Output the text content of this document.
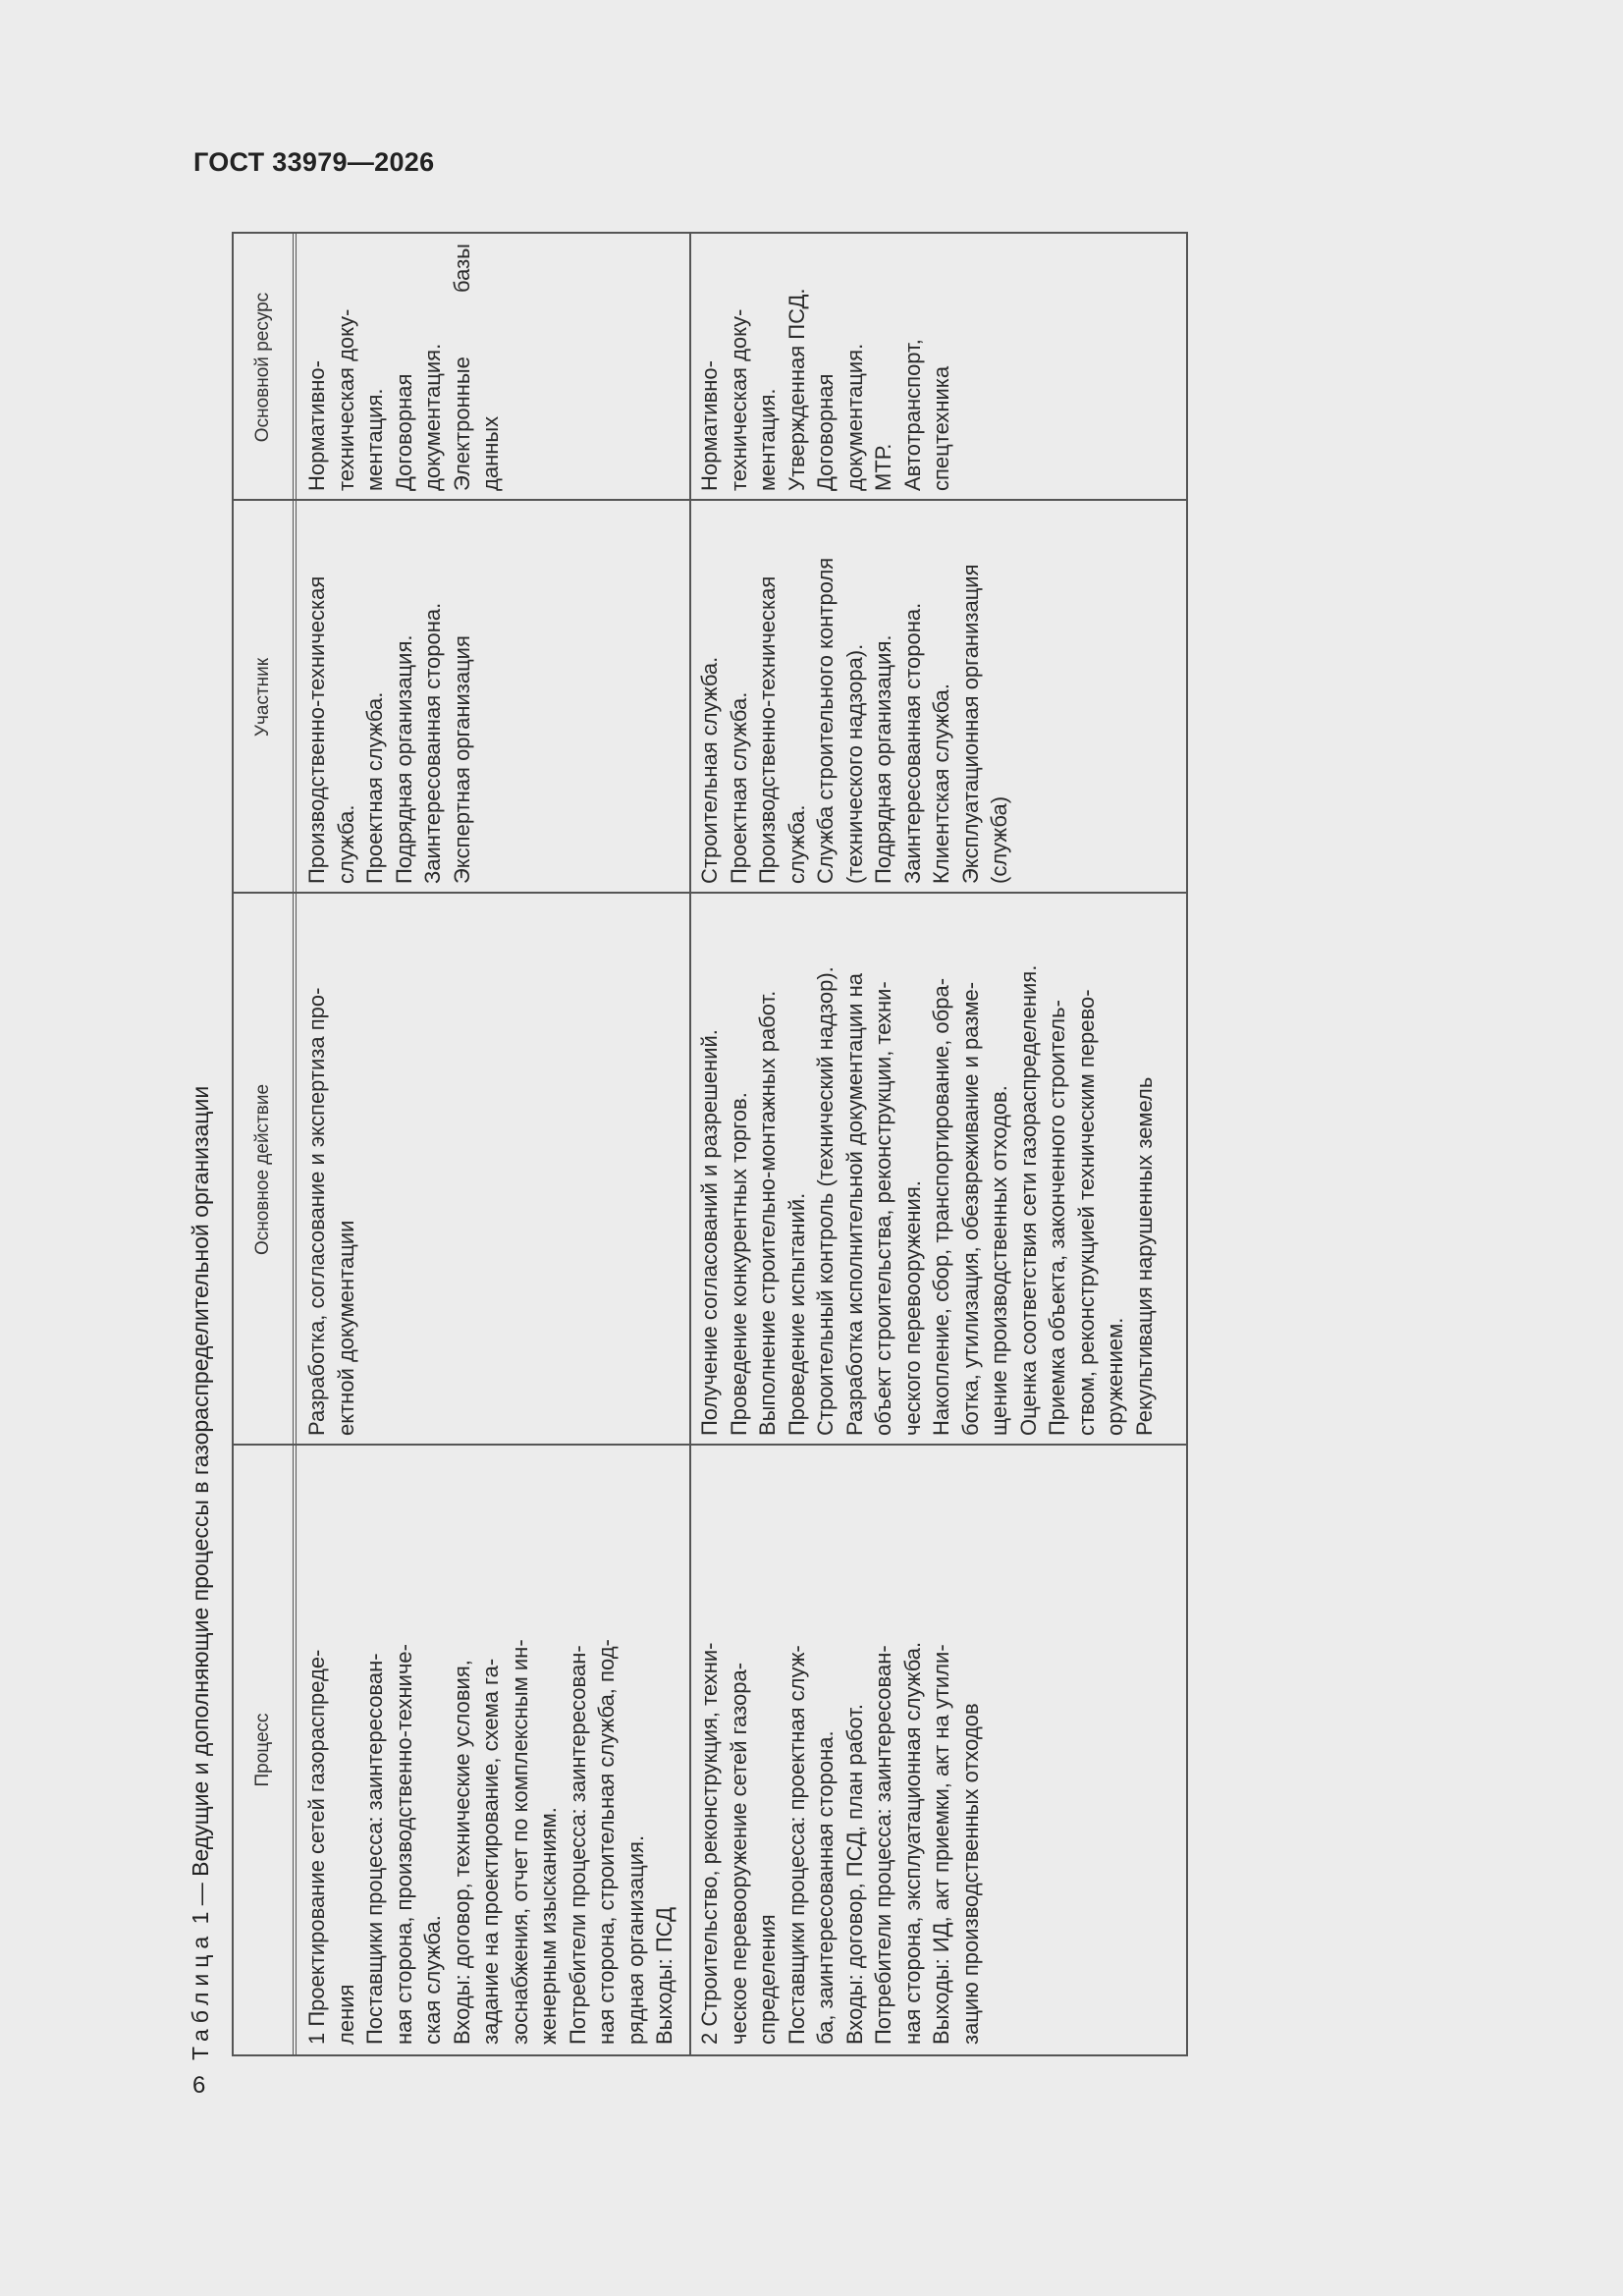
ГОСТ 33979—2026
Таблица 1 — Ведущие и дополняющие процессы в газораспределительной организации	Процесс
Основное действие
Участник
Основной ресурс

1 Проектирование сетей газораспреде- ления Поставщики процесса: заинтересован- ная сторона, производственно-техниче- ская служба. Входы: договор, технические условия, задание на проектирование, схема га- зоснабжения, отчет по комплексным ин- женерным изысканиям. Потребители процесса: заинтересован- ная сторона, строительная служба, под- рядная организация. Выходы: ПСД

Разработка, согласование и экспертиза про- ектной документации

Производственно-техническая служба. Проектная служба. Подрядная организация. Заинтересованная сторона. Экспертная организация

Нормативно-техническая доку- ментация. Договорная документация. Электронные базы данных

2 Строительство, реконструкция, техни- ческое перевооружение сетей газора- спределения Поставщики процесса: проектная служ- ба, заинтересованная сторона. Входы: договор, ПСД, план работ. Потребители процесса: заинтересован- ная сторона, эксплуатационная служба. Выходы: ИД, акт приемки, акт на утили- зацию производственных отходов

Получение согласований и разрешений. Проведение конкурентных торгов. Выполнение строительно-монтажных работ. Проведение испытаний. Строительный контроль (технический надзор). Разработка исполнительной документации на объект строительства, реконструкции, техни- ческого перевооружения. Накопление, сбор, транспортирование, обра- ботка, утилизация, обезвреживание и разме- щение производственных отходов. Оценка соответствия сети газораспределения. Приемка объекта, законченного строитель- ством, реконструкцией техническим перево- оружением. Рекультивация нарушенных земель

Строительная служба. Проектная служба. Производственно-техническая служба. Служба строительного контроля (технического надзора). Подрядная организация. Заинтересованная сторона. Клиентская служба. Эксплуатационная организация (служба)

Нормативно-техническая доку- ментация. Утвержденная ПСД. Договорная документация. МТР. Автотранспорт, спецтехника

6
